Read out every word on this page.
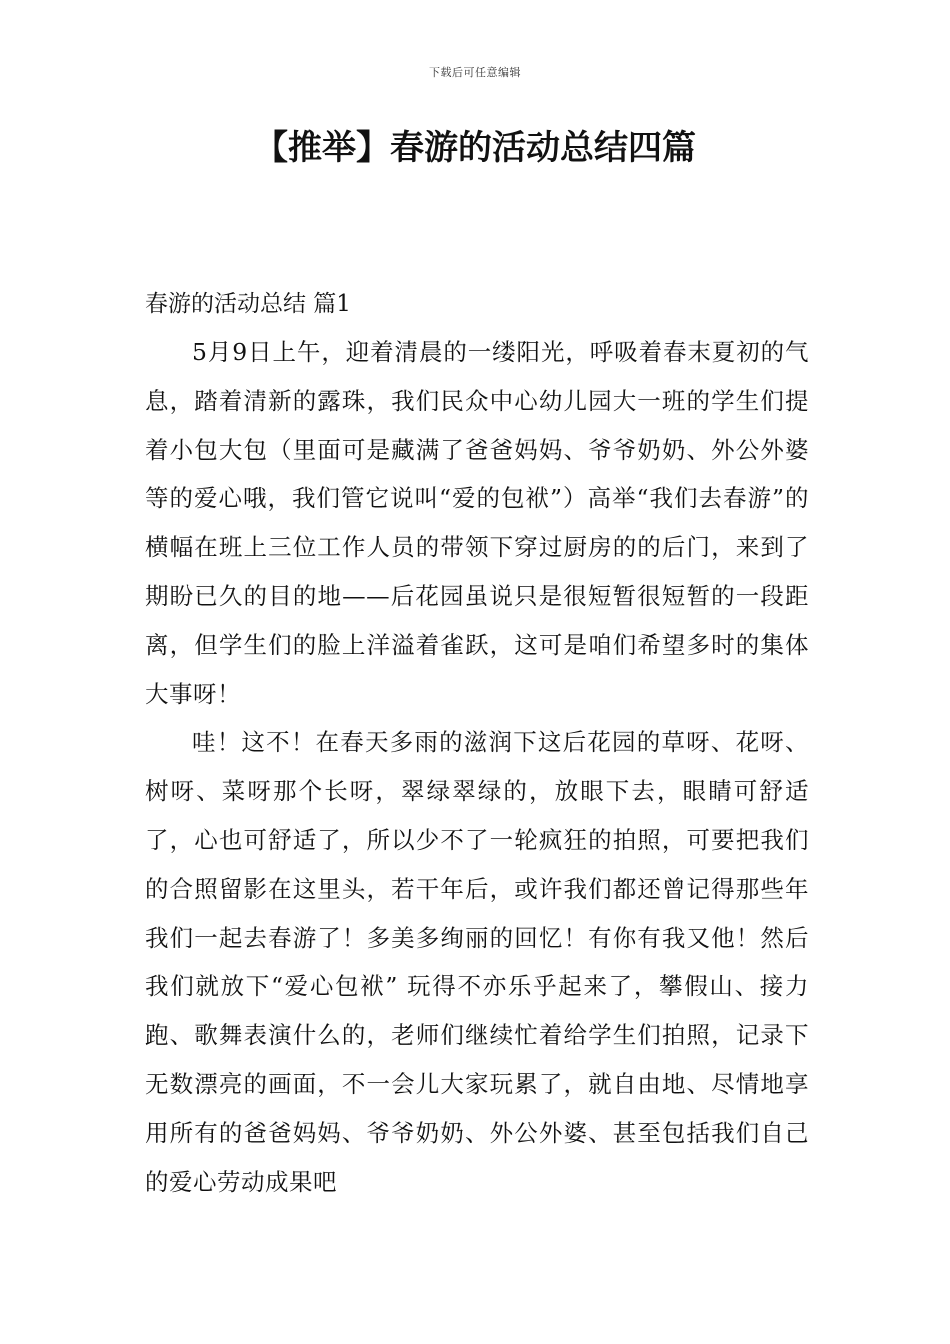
下载后可任意编辑
【推举】春游的活动总结四篇
春游的活动总结 篇1

5月9日上午，迎着清晨的一缕阳光，呼吸着春末夏初的气息，踏着清新的露珠，我们民众中心幼儿园大一班的学生们提着小包大包（里面可是藏满了爸爸妈妈、爷爷奶奶、外公外婆等的爱心哦，我们管它说叫“爱的包袱”）高举“我们去春游”的横幅在班上三位工作人员的带领下穿过厨房的的后门，来到了期盼已久的目的地——后花园虽说只是很短暂很短暂的一段距离，但学生们的脸上洋溢着雀跃，这可是咱们希望多时的集体大事呀！

哇！这不！在春天多雨的滋润下这后花园的草呀、花呀、树呀、菜呀那个长呀，翠绿翠绿的，放眼下去，眼睛可舒适了，心也可舒适了，所以少不了一轮疯狂的拍照，可要把我们的合照留影在这里头，若干年后，或许我们都还曾记得那些年我们一起去春游了！多美多绚丽的回忆！有你有我又他！然后我们就放下“爱心包袱” 玩得不亦乐乎起来了，攀假山、接力跑、歌舞表演什么的，老师们继续忙着给学生们拍照，记录下无数漂亮的画面，不一会儿大家玩累了，就自由地、尽情地享用所有的爸爸妈妈、爷爷奶奶、外公外婆、甚至包括我们自己的爱心劳动成果吧
